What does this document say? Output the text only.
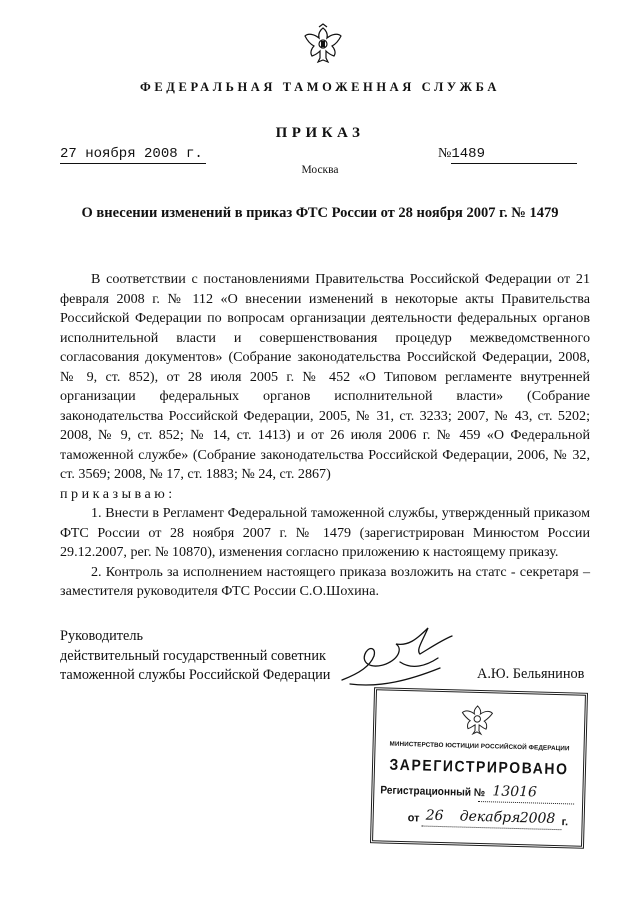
ФЕДЕРАЛЬНАЯ ТАМОЖЕННАЯ СЛУЖБА
ПРИКАЗ
27 ноября 2008 г.	№1489
Москва
О внесении изменений в приказ ФТС России от 28 ноября 2007 г. № 1479

В соответствии с постановлениями Правительства Российской Федерации от 21 февраля 2008 г. № 112 «О внесении изменений в некоторые акты Правительства Российской Федерации по вопросам организации деятельности федеральных органов исполнительной власти и совершенствования процедур межведомственного согласования документов» (Собрание законодательства Российской Федерации, 2008, № 9, ст. 852), от 28 июля 2005 г. № 452 «О Типовом регламенте внутренней организации федеральных органов исполнительной власти» (Собрание законодательства Российской Федерации, 2005, № 31, ст. 3233; 2007, № 43, ст. 5202; 2008, № 9, ст. 852; № 14, ст. 1413) и от 26 июля 2006 г. № 459 «О Федеральной таможенной службе» (Собрание законодательства Российской Федерации, 2006, № 32, ст. 3569; 2008, № 17, ст. 1883; № 24, ст. 2867)

приказываю:

1. Внести в Регламент Федеральной таможенной службы, утвержденный приказом ФТС России от 28 ноября 2007 г. № 1479 (зарегистрирован Минюстом России 29.12.2007, рег. № 10870), изменения согласно приложению к настоящему приказу.

2. Контроль за исполнением настоящего приказа возложить на статс - секретаря – заместителя руководителя ФТС России С.О.Шохина.

Руководитель
действительный государственный советник
таможенной службы Российской Федерации	А.Ю. Бельянинов
МИНИСТЕРСТВО ЮСТИЦИИ РОССИЙСКОЙ ФЕДЕРАЦИИ
ЗАРЕГИСТРИРОВАНО
Регистрационный № 13016
от 26 декабря
2008 г.
